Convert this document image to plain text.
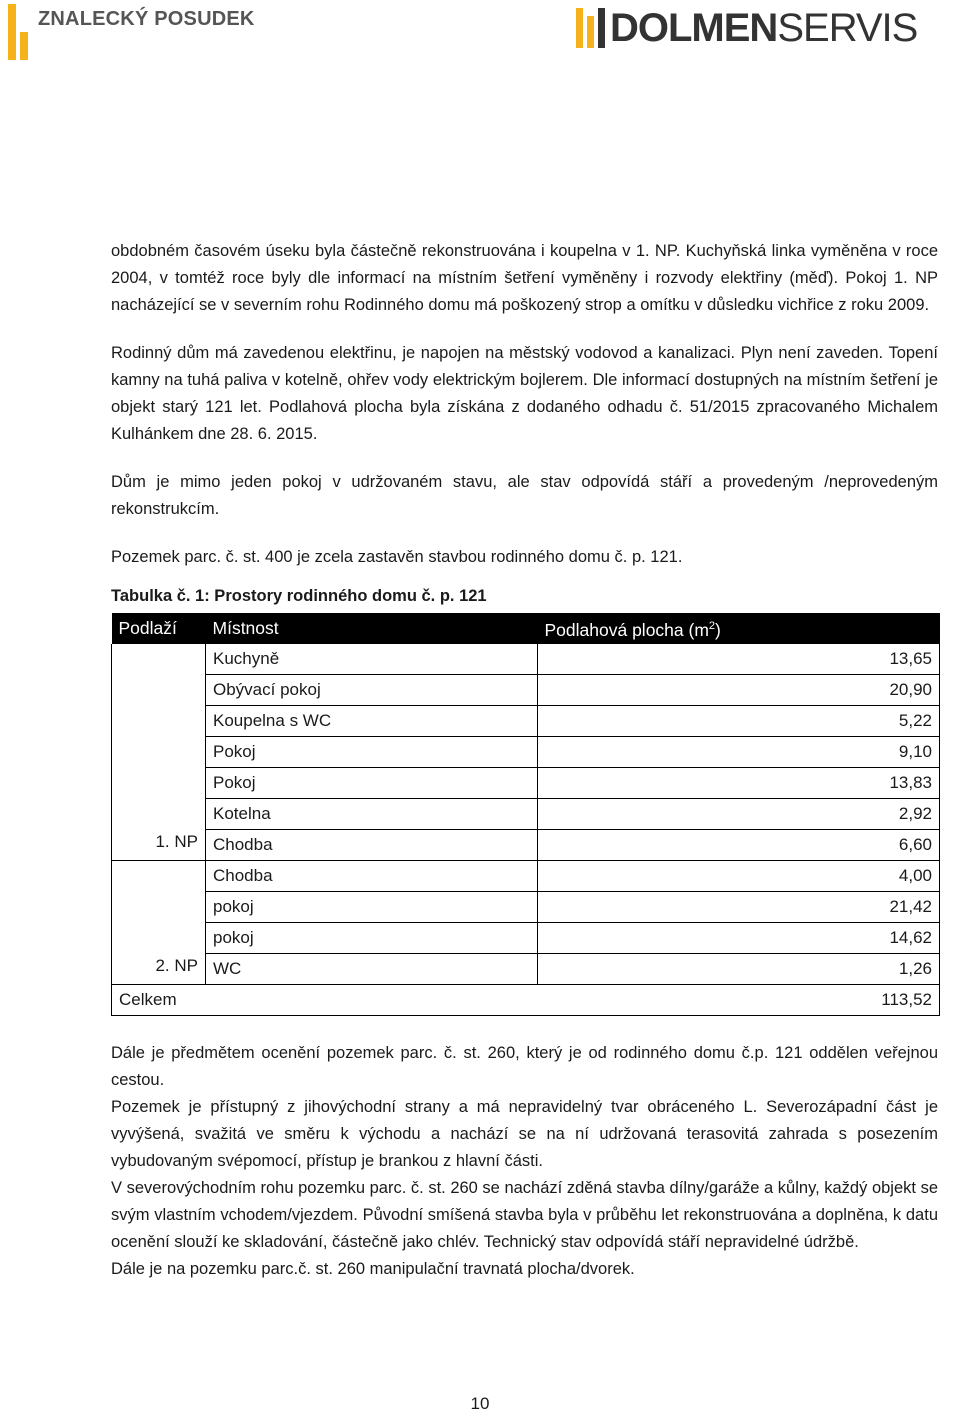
ZNALECKÝ POSUDEK	DOLMENSERVIS

obdobném časovém úseku byla částečně rekonstruována i koupelna v 1. NP. Kuchyňská linka vyměněna v roce 2004, v tomtéž roce byly dle informací na místním šetření vyměněny i rozvody elektřiny (měď). Pokoj 1. NP nacházející se v severním rohu Rodinného domu má poškozený strop a omítku v důsledku vichřice z roku 2009.

Rodinný dům má zavedenou elektřinu, je napojen na městský vodovod a kanalizaci. Plyn není zaveden. Topení kamny na tuhá paliva v kotelně, ohřev vody elektrickým bojlerem. Dle informací dostupných na místním šetření je objekt starý 121 let. Podlahová plocha byla získána z dodaného odhadu č. 51/2015 zpracovaného Michalem Kulhánkem dne 28. 6. 2015.

Dům je mimo jeden pokoj v udržovaném stavu, ale stav odpovídá stáří a provedeným /neprovedeným rekonstrukcím.

Pozemek parc. č. st. 400 je zcela zastavěn stavbou rodinného domu č. p. 121.

Tabulka č. 1: Prostory rodinného domu č. p. 121

Podlaží	Místnost	Podlahová plocha $(m^2)$
1. NP	Kuchyně	13,65
	Obývací pokoj	20,90
	Koupelna s WC	5,22
	Pokoj	9,10
	Pokoj	13,83
	Kotelna	2,92
	Chodba	6,60
2. NP	Chodba	4,00
	pokoj	21,42
	pokoj	14,62
	WC	1,26
Celkem		113,52

Dále je předmětem ocenění pozemek parc. č. st. 260, který je od rodinného domu č.p. 121 oddělen veřejnou cestou.

Pozemek je přístupný z jihovýchodní strany a má nepravidelný tvar obráceného L. Severozápadní část je vyvýšená, svažitá ve směru k východu a nachází se na ní udržovaná terasovitá zahrada s posezením vybudovaným svépomocí, přístup je brankou z hlavní části.

V severovýchodním rohu pozemku parc. č. st. 260 se nachází zděná stavba dílny/garáže a kůlny, každý objekt se svým vlastním vchodem/vjezdem. Původní smíšená stavba byla v průběhu let rekonstruována a doplněna, k datu ocenění slouží ke skladování, částečně jako chlév. Technický stav odpovídá stáří nepravidelné údržbě.

Dále je na pozemku parc.č. st. 260 manipulační travnatá plocha/dvorek.

10
